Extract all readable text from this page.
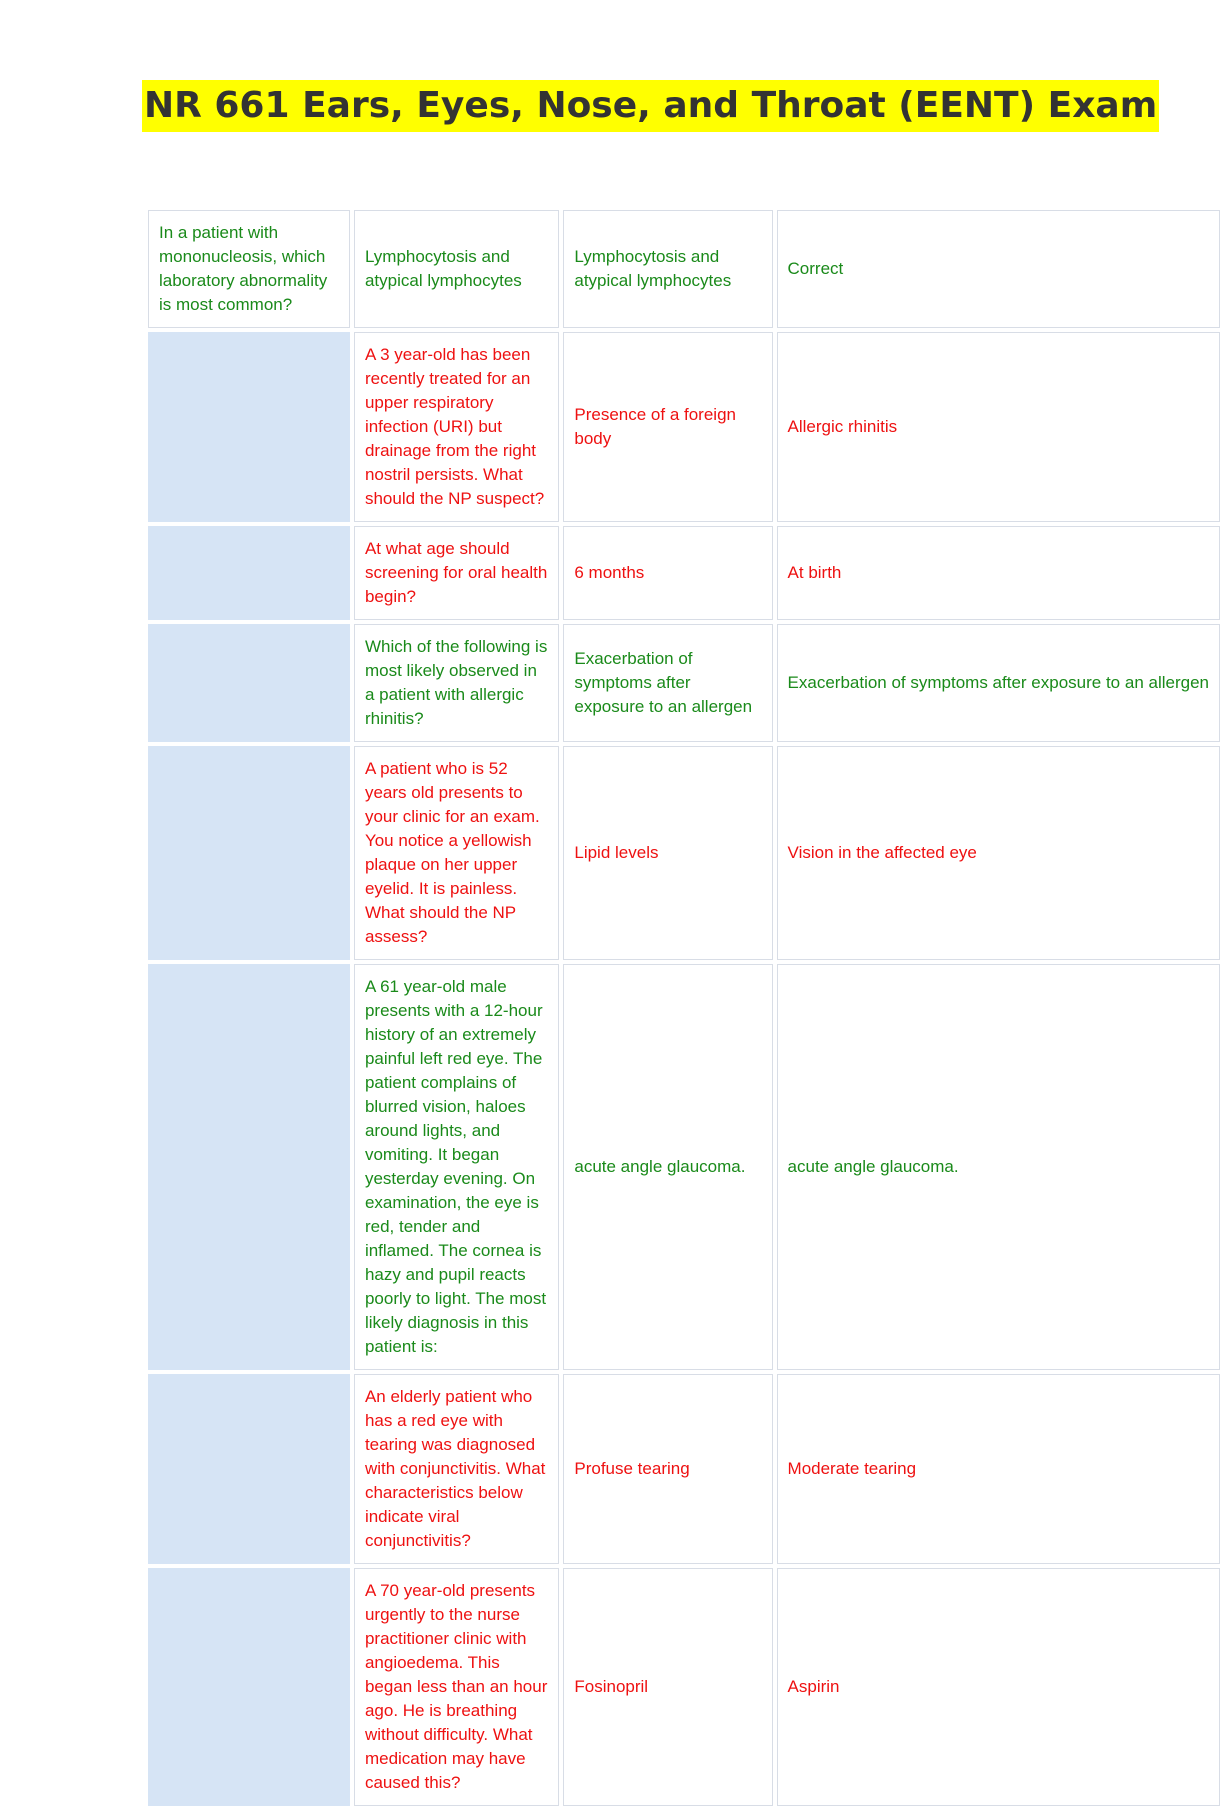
NR 661 Ears, Eyes, Nose, and Throat (EENT) Exam
In a patient with mononucleosis, which laboratory abnormality is most common?	Lymphocytosis and atypical lymphocytes	Lymphocytosis and atypical lymphocytes	Correct
	A 3 year-old has been recently treated for an upper respiratory infection (URI) but drainage from the right nostril persists. What should the NP suspect?	Presence of a foreign body	Allergic rhinitis
	At what age should screening for oral health begin?	6 months	At birth
	Which of the following is most likely observed in a patient with allergic rhinitis?	Exacerbation of symptoms after exposure to an allergen	Exacerbation of symptoms after exposure to an allergen
	A patient who is 52 years old presents to your clinic for an exam. You notice a yellowish plaque on her upper eyelid. It is painless. What should the NP assess?	Lipid levels	Vision in the affected eye
	A 61 year-old male presents with a 12-hour history of an extremely painful left red eye. The patient complains of blurred vision, haloes around lights, and vomiting. It began yesterday evening. On examination, the eye is red, tender and inflamed. The cornea is hazy and pupil reacts poorly to light. The most likely diagnosis in this patient is:	acute angle glaucoma.	acute angle glaucoma.
	An elderly patient who has a red eye with tearing was diagnosed with conjunctivitis. What characteristics below indicate viral conjunctivitis?	Profuse tearing	Moderate tearing
	A 70 year-old presents urgently to the nurse practitioner clinic with angioedema. This began less than an hour ago. He is breathing without difficulty. What medication may have caused this?	Fosinopril	Aspirin
